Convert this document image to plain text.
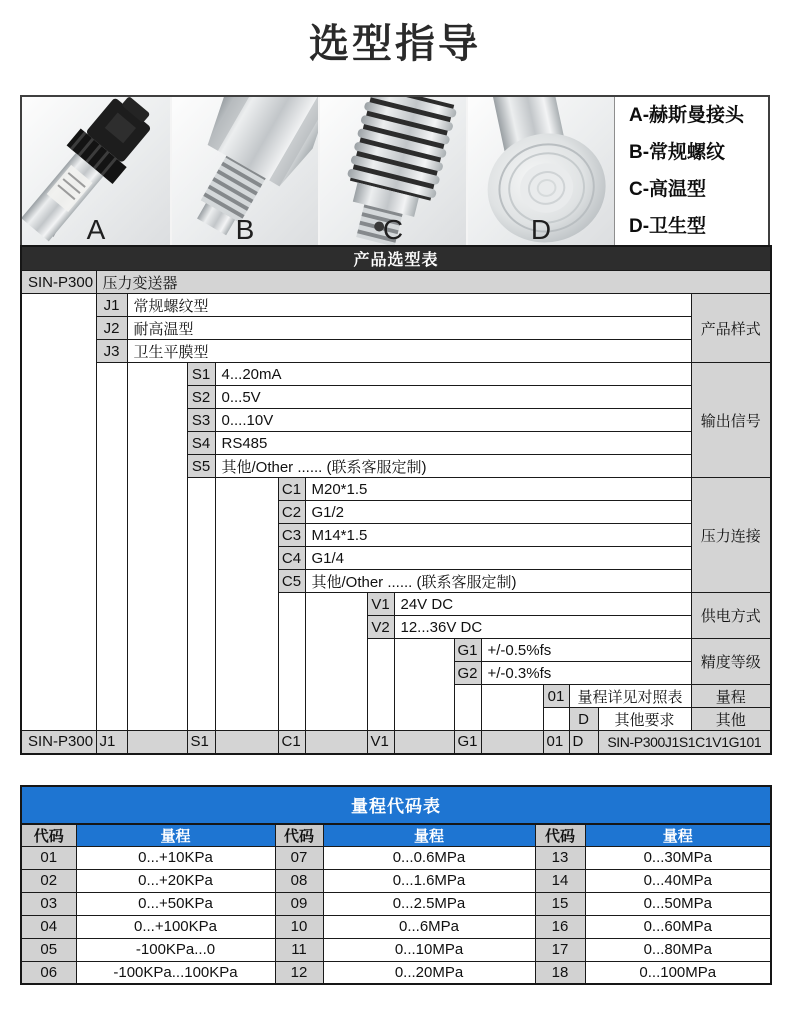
选型指导
A	B	C	D
A-赫斯曼接头
B-常规螺纹
C-高温型
D-卫生型
产品选型表														
SIN-P300	压力变送器													
	J1	常规螺纹型												产品样式
	J2	耐高温型												
	J3	卫生平膜型												
			S1	4...20mA										输出信号
			S2	0...5V										
			S3	0....10V										
			S4	RS485										
			S5	其他/Other ...... (联系客服定制)										
					C1	M20*1.5								压力连接
					C2	G1/2								
					C3	M14*1.5								
					C4	G1/4								
					C5	其他/Other ...... (联系客服定制)								
							V1	24V DC						供电方式
							V2	12...36V DC						
									G1	+/-0.5%fs				精度等级
									G2	+/-0.3%fs				
											01	量程详见对照表		量程
												D	其他要求	其他
SIN-P300	J1		S1		C1		V1		G1		01	D	SIN-P300J1S1C1V1G101	
量程代码表					
代码	量程	代码	量程	代码	量程
01	0...+10KPa	07	0...0.6MPa	13	0...30MPa
02	0...+20KPa	08	0...1.6MPa	14	0...40MPa
03	0...+50KPa	09	0...2.5MPa	15	0...50MPa
04	0...+100KPa	10	0...6MPa	16	0...60MPa
05	-100KPa...0	11	0...10MPa	17	0...80MPa
06	-100KPa...100KPa	12	0...20MPa	18	0...100MPa
